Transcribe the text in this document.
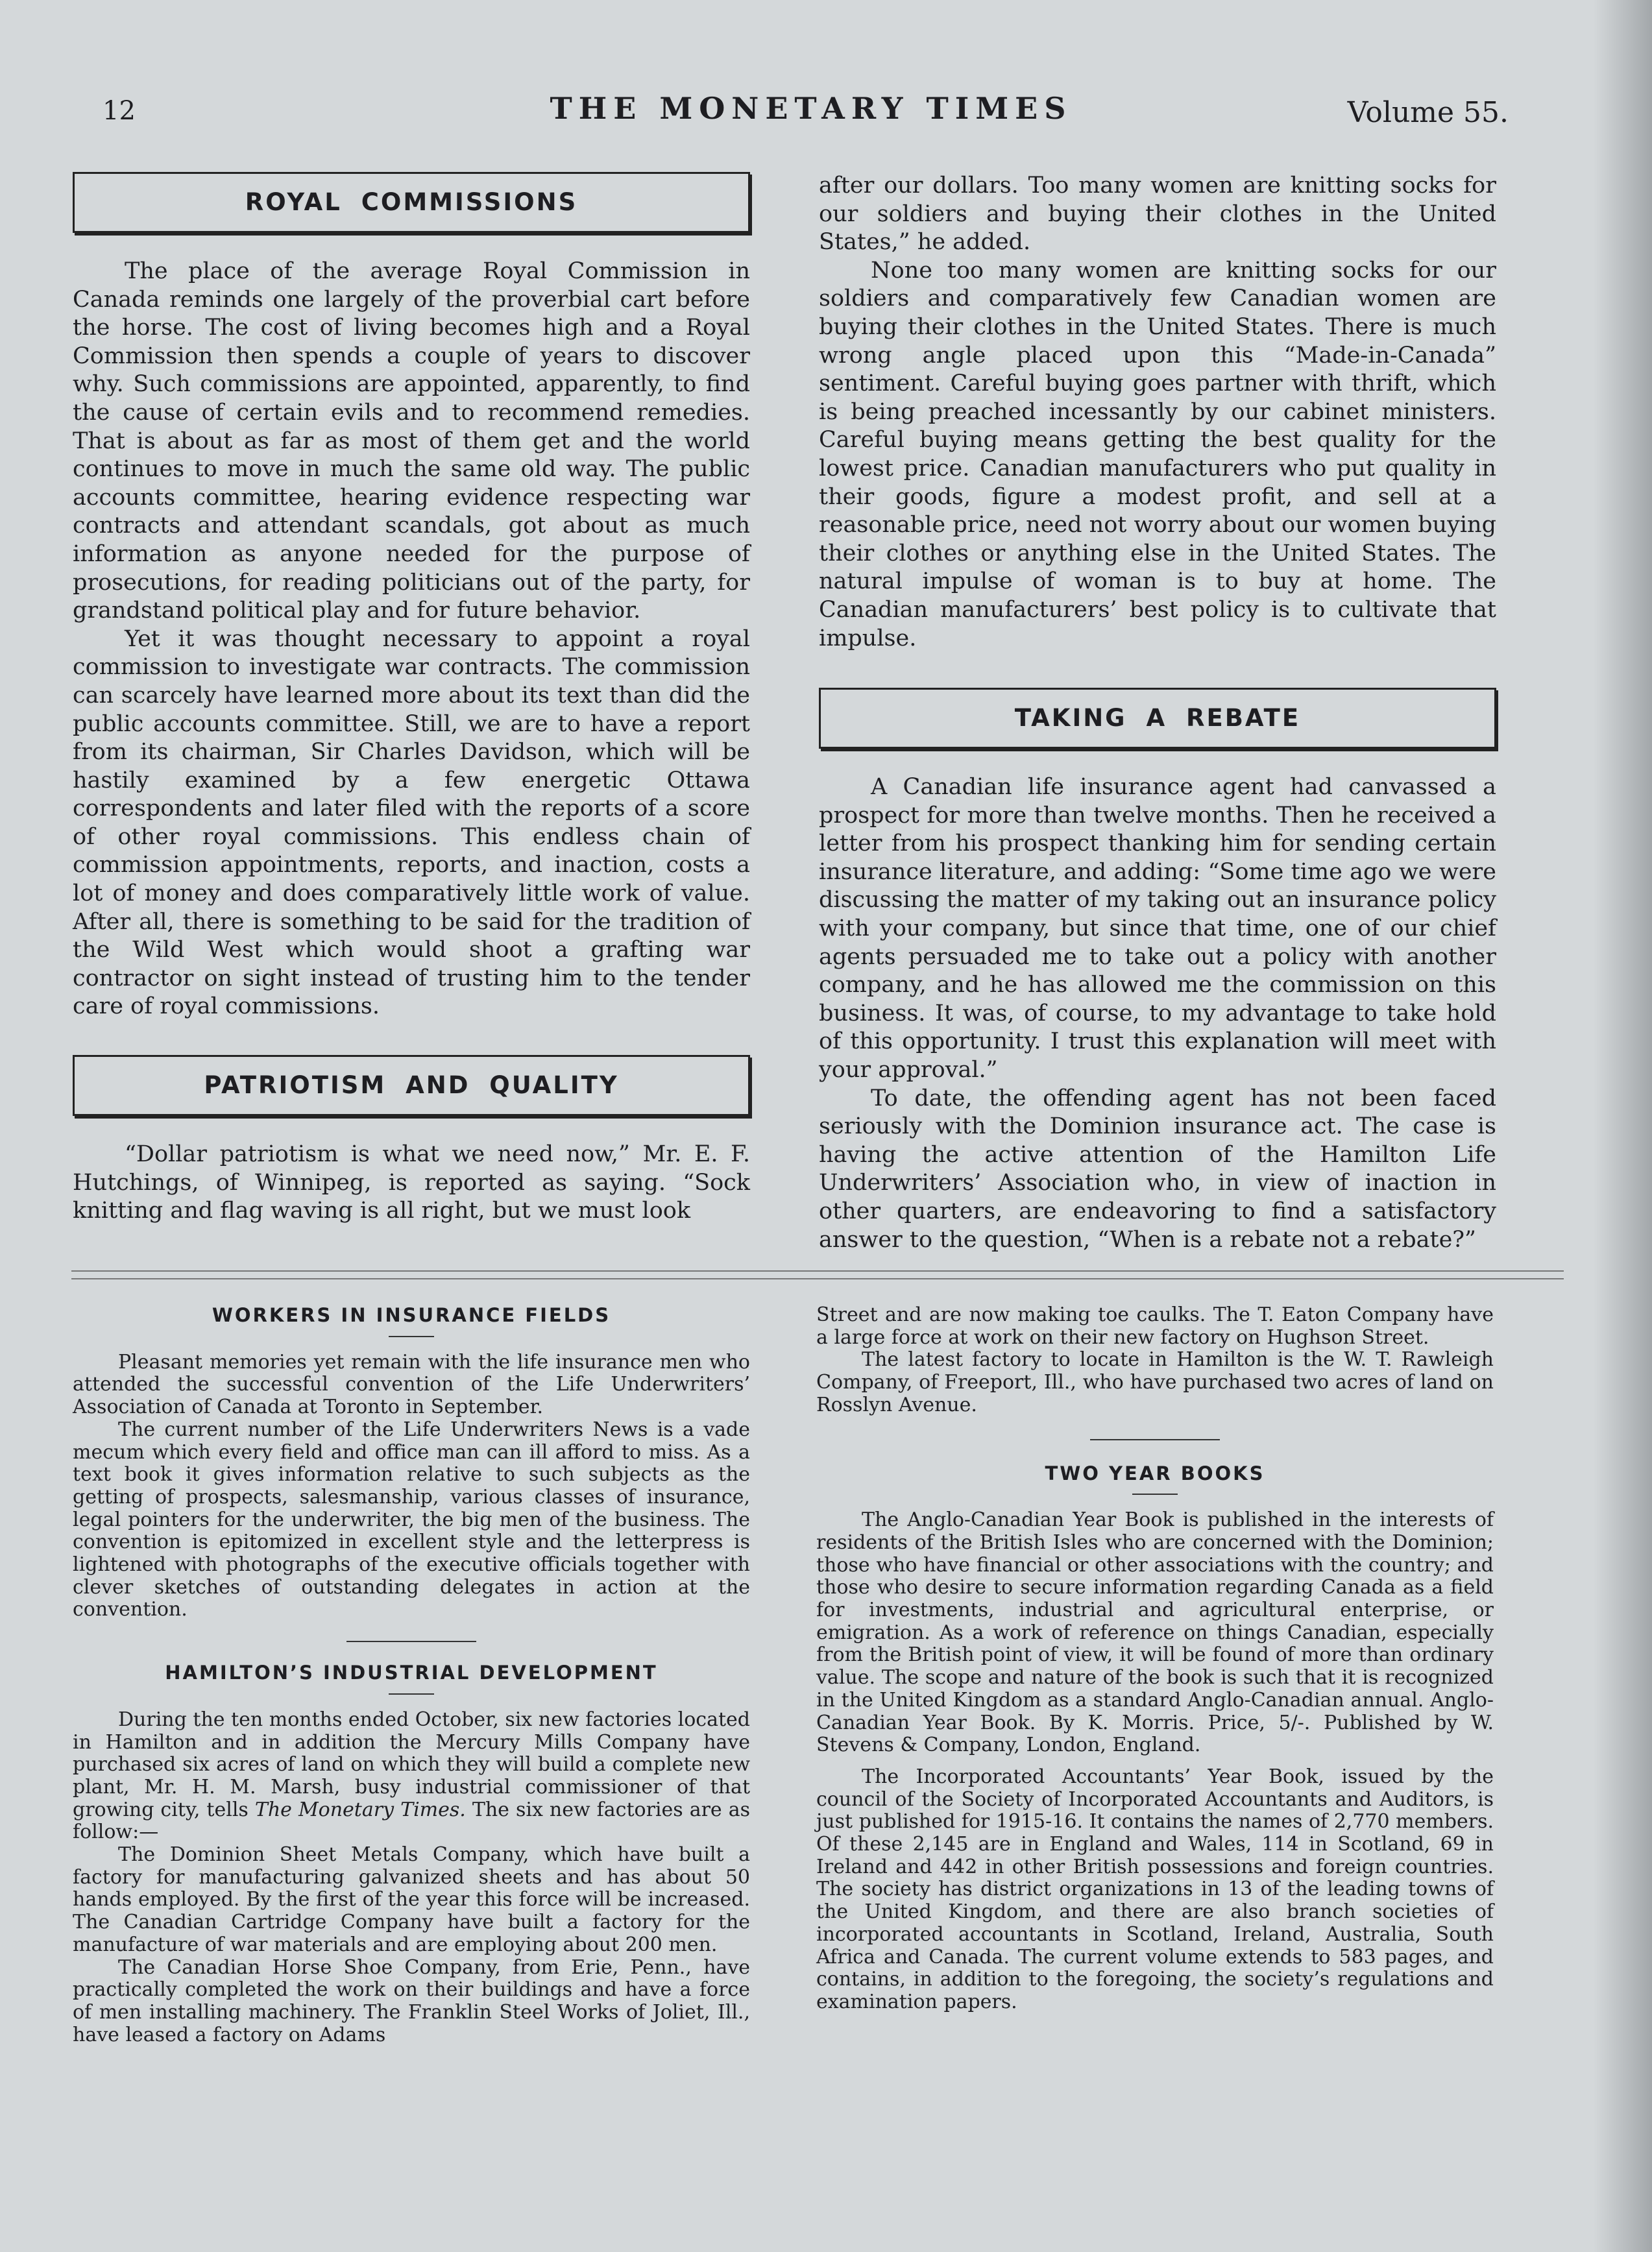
12	THE MONETARY TIMES	Volume 55.
ROYAL COMMISSIONS

The place of the average Royal Commission in Canada reminds one largely of the proverbial cart before the horse. The cost of living becomes high and a Royal Commission then spends a couple of years to discover why. Such commissions are appointed, apparently, to find the cause of certain evils and to recommend remedies. That is about as far as most of them get and the world continues to move in much the same old way. The public accounts committee, hearing evidence respecting war contracts and attendant scandals, got about as much information as anyone needed for the purpose of prosecutions, for reading politicians out of the party, for grandstand political play and for future behavior.

Yet it was thought necessary to appoint a royal commission to investigate war contracts. The commission can scarcely have learned more about its text than did the public accounts committee. Still, we are to have a report from its chairman, Sir Charles Davidson, which will be hastily examined by a few energetic Ottawa correspondents and later filed with the reports of a score of other royal commissions. This endless chain of commission appointments, reports, and inaction, costs a lot of money and does comparatively little work of value. After all, there is something to be said for the tradition of the Wild West which would shoot a grafting war contractor on sight instead of trusting him to the tender care of royal commissions.

PATRIOTISM AND QUALITY

“Dollar patriotism is what we need now,” Mr. E. F. Hutchings, of Winnipeg, is reported as saying. “Sock knitting and flag waving is all right, but we must look

after our dollars. Too many women are knitting socks for our soldiers and buying their clothes in the United States,” he added.

None too many women are knitting socks for our soldiers and comparatively few Canadian women are buying their clothes in the United States. There is much wrong angle placed upon this “Made-in-Canada” sentiment. Careful buying goes partner with thrift, which is being preached incessantly by our cabinet ministers. Careful buying means getting the best quality for the lowest price. Canadian manufacturers who put quality in their goods, figure a modest profit, and sell at a reasonable price, need not worry about our women buying their clothes or anything else in the United States. The natural impulse of woman is to buy at home. The Canadian manufacturers’ best policy is to cultivate that impulse.

TAKING A REBATE

A Canadian life insurance agent had canvassed a prospect for more than twelve months. Then he received a letter from his prospect thanking him for sending certain insurance literature, and adding: “Some time ago we were discussing the matter of my taking out an insurance policy with your company, but since that time, one of our chief agents persuaded me to take out a policy with another company, and he has allowed me the commission on this business. It was, of course, to my advantage to take hold of this opportunity. I trust this explanation will meet with your approval.”

To date, the offending agent has not been faced seriously with the Dominion insurance act. The case is having the active attention of the Hamilton Life Underwriters’ Association who, in view of inaction in other quarters, are endeavoring to find a satisfactory answer to the question, “When is a rebate not a rebate?”

WORKERS IN INSURANCE FIELDS

Pleasant memories yet remain with the life insurance men who attended the successful convention of the Life Underwriters’ Association of Canada at Toronto in September.

The current number of the Life Underwriters News is a vade mecum which every field and office man can ill afford to miss. As a text book it gives information relative to such subjects as the getting of prospects, salesmanship, various classes of insurance, legal pointers for the underwriter, the big men of the business. The convention is epitomized in excellent style and the letterpress is lightened with photographs of the executive officials together with clever sketches of outstanding delegates in action at the convention.

HAMILTON’S INDUSTRIAL DEVELOPMENT

During the ten months ended October, six new factories located in Hamilton and in addition the Mercury Mills Company have purchased six acres of land on which they will build a complete new plant, Mr. H. M. Marsh, busy industrial commissioner of that growing city, tells The Monetary Times. The six new factories are as follow:—

The Dominion Sheet Metals Company, which have built a factory for manufacturing galvanized sheets and has about 50 hands employed. By the first of the year this force will be increased. The Canadian Cartridge Company have built a factory for the manufacture of war materials and are employing about 200 men.

The Canadian Horse Shoe Company, from Erie, Penn., have practically completed the work on their buildings and have a force of men installing machinery. The Franklin Steel Works of Joliet, Ill., have leased a factory on Adams

Street and are now making toe caulks. The T. Eaton Company have a large force at work on their new factory on Hughson Street.

The latest factory to locate in Hamilton is the W. T. Rawleigh Company, of Freeport, Ill., who have purchased two acres of land on Rosslyn Avenue.

TWO YEAR BOOKS

The Anglo-Canadian Year Book is published in the interests of residents of the British Isles who are concerned with the Dominion; those who have financial or other associations with the country; and those who desire to secure information regarding Canada as a field for investments, industrial and agricultural enterprise, or emigration. As a work of reference on things Canadian, especially from the British point of view, it will be found of more than ordinary value. The scope and nature of the book is such that it is recognized in the United Kingdom as a standard Anglo-Canadian annual. Anglo-Canadian Year Book. By K. Morris. Price, 5/-. Published by W. Stevens & Company, London, England.

The Incorporated Accountants’ Year Book, issued by the council of the Society of Incorporated Accountants and Auditors, is just published for 1915-16. It contains the names of 2,770 members. Of these 2,145 are in England and Wales, 114 in Scotland, 69 in Ireland and 442 in other British possessions and foreign countries. The society has district organizations in 13 of the leading towns of the United Kingdom, and there are also branch societies of incorporated accountants in Scotland, Ireland, Australia, South Africa and Canada. The current volume extends to 583 pages, and contains, in addition to the foregoing, the society’s regulations and examination papers.
